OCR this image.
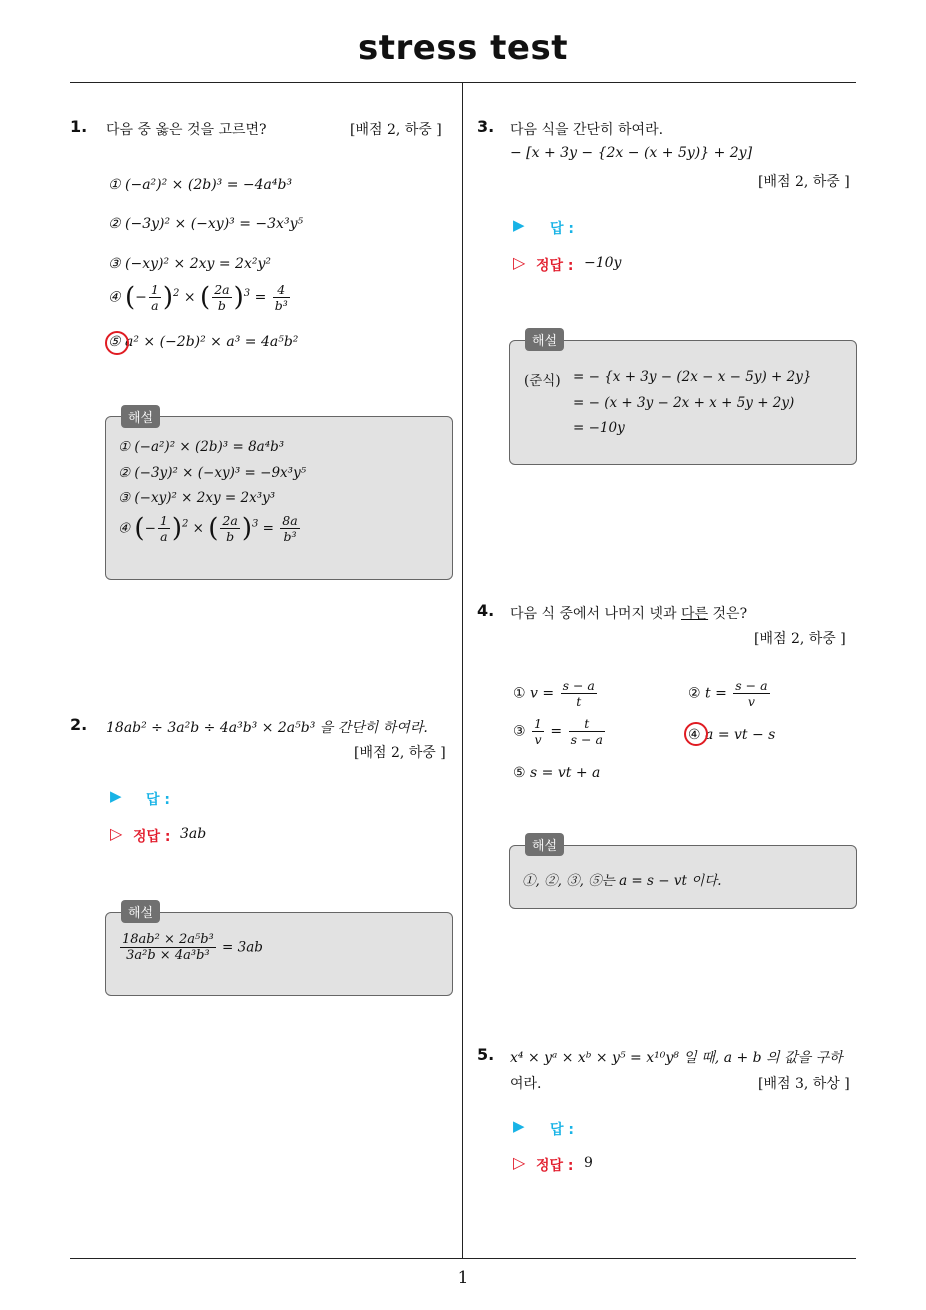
stress test
1
1. 다음 중 옳은 것을 고르면?	[배점 2, 하중 ]
① (−a²)² × (2b)³ = −4a⁴b³
② (−3y)² × (−xy)³ = −3x³y⁵
③ (−xy)² × 2xy = 2x²y²
④ (− $\frac{1}{a} )^2$ × ( $\frac{2a}{b} )^3 = \frac{4}{\text{b³}}$
⑤ a² × (−2b)² × a³ = 4a⁵b²
해설
① (−a²)² × (2b)³ = 8a⁴b³
② (−3y)² × (−xy)³ = −9x³y⁵
③ (−xy)² × 2xy = 2x³y³
④ (− $\frac{1}{a} )^2$ × ( $\frac{2a}{b} )^3 = \frac{8a}{\text{b³}}$
2. 18ab² ÷ 3a²b ÷ 4a³b³ × 2a⁵b³ 을 간단히 하여라.
[배점 2, 하중 ]
▶ 답 :
▷ 정답 : 3ab
해설
$\frac{\text{18ab² × 2a⁵b³}}{\text{3a²b × 4a³b³}} = 3ab$
3. 다음 식을 간단히 하여라.
− [x + 3y − {2x − (x + 5y)} + 2y]
[배점 2, 하중 ]
▶ 답 :
▷ 정답 : −10y
해설
(준식) = − {x + 3y − (2x − x − 5y) + 2y}
= − (x + 3y − 2x + x + 5y + 2y)
= −10y
4. 다음 식 중에서 나머지 넷과 다른 것은?
[배점 2, 하중 ]
① $v = \frac{s - a}{t}$	② $t = \frac{s - a}{v}$
③ $\frac{1}{v} = \frac{t}{s - a}$	④ a = vt − s
⑤ s = vt + a
해설
①, ②, ③, ⑤는 a = s − vt 이다.
5. x⁴ × yᵃ × xᵇ × y⁵ = x¹⁰y⁸ 일 때, a + b 의 값을 구하
여라.	[배점 3, 하상 ]
▶ 답 :
▷ 정답 : 9
